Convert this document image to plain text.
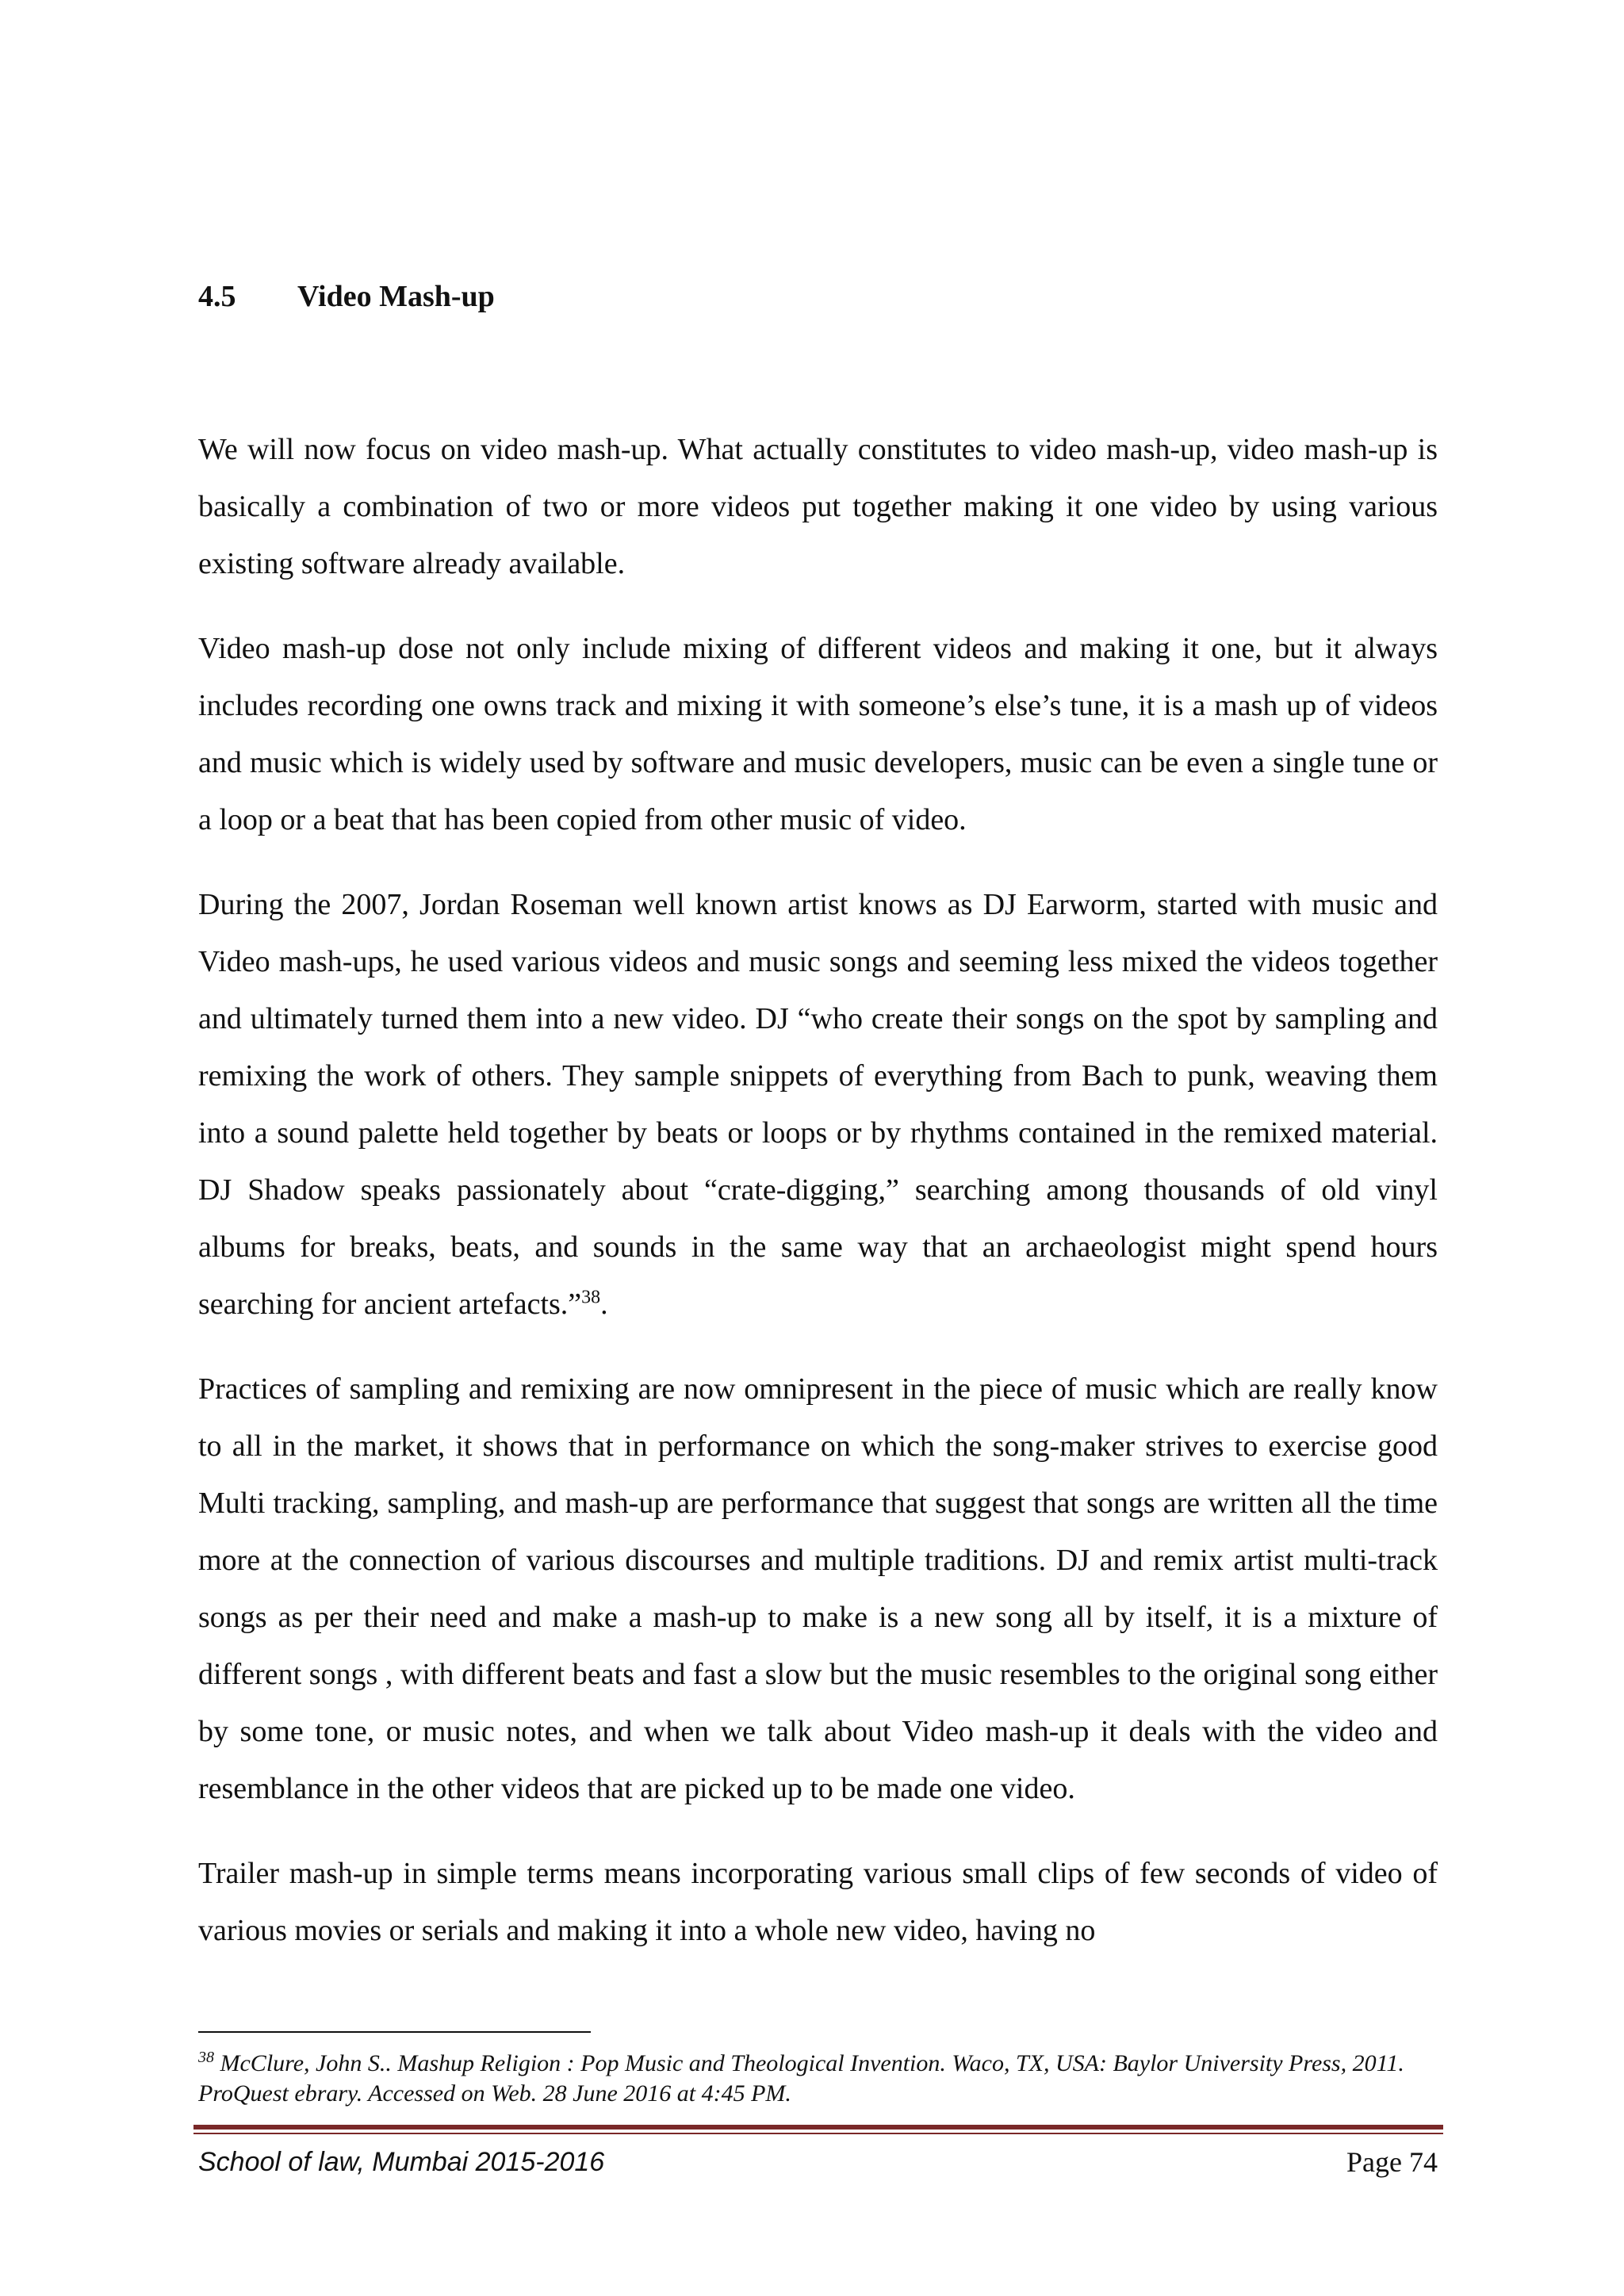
4.5 Video Mash-up

We will now focus on video mash-up. What actually constitutes to video mash-up, video mash-up is basically a combination of two or more videos put together making it one video by using various existing software already available.

Video mash-up dose not only include mixing of different videos and making it one, but it always includes recording one owns track and mixing it with someone’s else’s tune, it is a mash up of videos and music which is widely used by software and music developers, music can be even a single tune or a loop or a beat that has been copied from other music of video.

During the 2007, Jordan Roseman well known artist knows as DJ Earworm, started with music and Video mash-ups, he used various videos and music songs and seeming less mixed the videos together and ultimately turned them into a new video. DJ “who create their songs on the spot by sampling and remixing the work of others. They sample snippets of everything from Bach to punk, weaving them into a sound palette held together by beats or loops or by rhythms contained in the remixed material. DJ Shadow speaks passionately about “crate-digging,” searching among thousands of old vinyl albums for breaks, beats, and sounds in the same way that an archaeologist might spend hours searching for ancient artefacts.”$^{38}$.

Practices of sampling and remixing are now omnipresent in the piece of music which are really know to all in the market, it shows that in performance on which the song-maker strives to exercise good Multi tracking, sampling, and mash-up are performance that suggest that songs are written all the time more at the connection of various discourses and multiple traditions. DJ and remix artist multi-track songs as per their need and make a mash-up to make is a new song all by itself, it is a mixture of different songs , with different beats and fast a slow but the music resembles to the original song either by some tone, or music notes, and when we talk about Video mash-up it deals with the video and resemblance in the other videos that are picked up to be made one video.

Trailer mash-up in simple terms means incorporating various small clips of few seconds of video of various movies or serials and making it into a whole new video, having no

$^{38}$ McClure, John S.. Mashup Religion : Pop Music and Theological Invention. Waco, TX, USA: Baylor University Press, 2011. ProQuest ebrary. Accessed on Web. 28 June 2016 at 4:45 PM.
School of law, Mumbai 2015-2016	Page 74
